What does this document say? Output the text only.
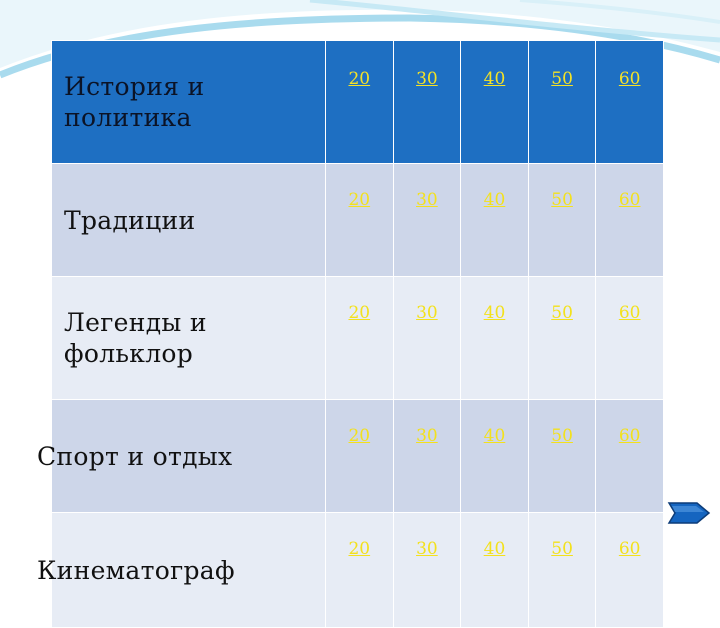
История и политика	20	30	40	50	60
Традиции	20	30	40	50	60
Легенды и фольклор	20	30	40	50	60
Спорт и отдых	20	30	40	50	60
Кинематограф	20	30	40	50	60
